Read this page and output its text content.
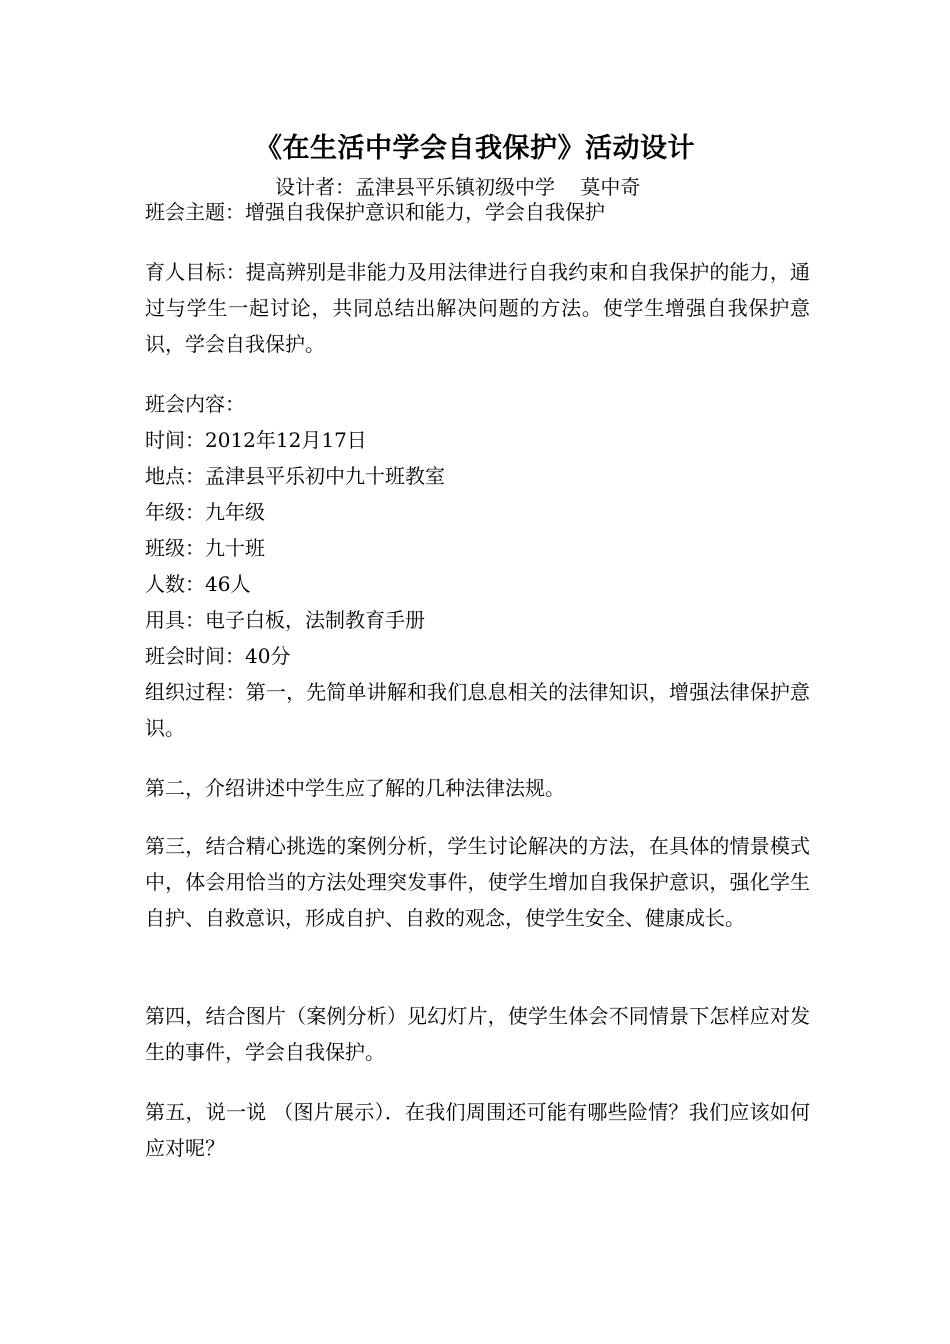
《在生活中学会自我保护》活动设计
设计者：孟津县平乐镇初级中学    莫中奇
班会主题：增强自我保护意识和能力，学会自我保护
育人目标：提高辨别是非能力及用法律进行自我约束和自我保护的能力，通过与学生一起讨论，共同总结出解决问题的方法。使学生增强自我保护意识，学会自我保护。
班会内容：
时间：2012年12月17日
地点：孟津县平乐初中九十班教室
年级：九年级
班级：九十班
人数：46人
用具：电子白板，法制教育手册
班会时间：40分
组织过程：第一，先简单讲解和我们息息相关的法律知识，增强法律保护意识。
第二，介绍讲述中学生应了解的几种法律法规。
第三，结合精心挑选的案例分析，学生讨论解决的方法，在具体的情景模式中，体会用恰当的方法处理突发事件，使学生增加自我保护意识，强化学生自护、自救意识，形成自护、自救的观念，使学生安全、健康成长。
第四，结合图片（案例分析）见幻灯片，使学生体会不同情景下怎样应对发生的事件，学会自我保护。
第五，说一说 （图片展示）．在我们周围还可能有哪些险情？我们应该如何应对呢？
